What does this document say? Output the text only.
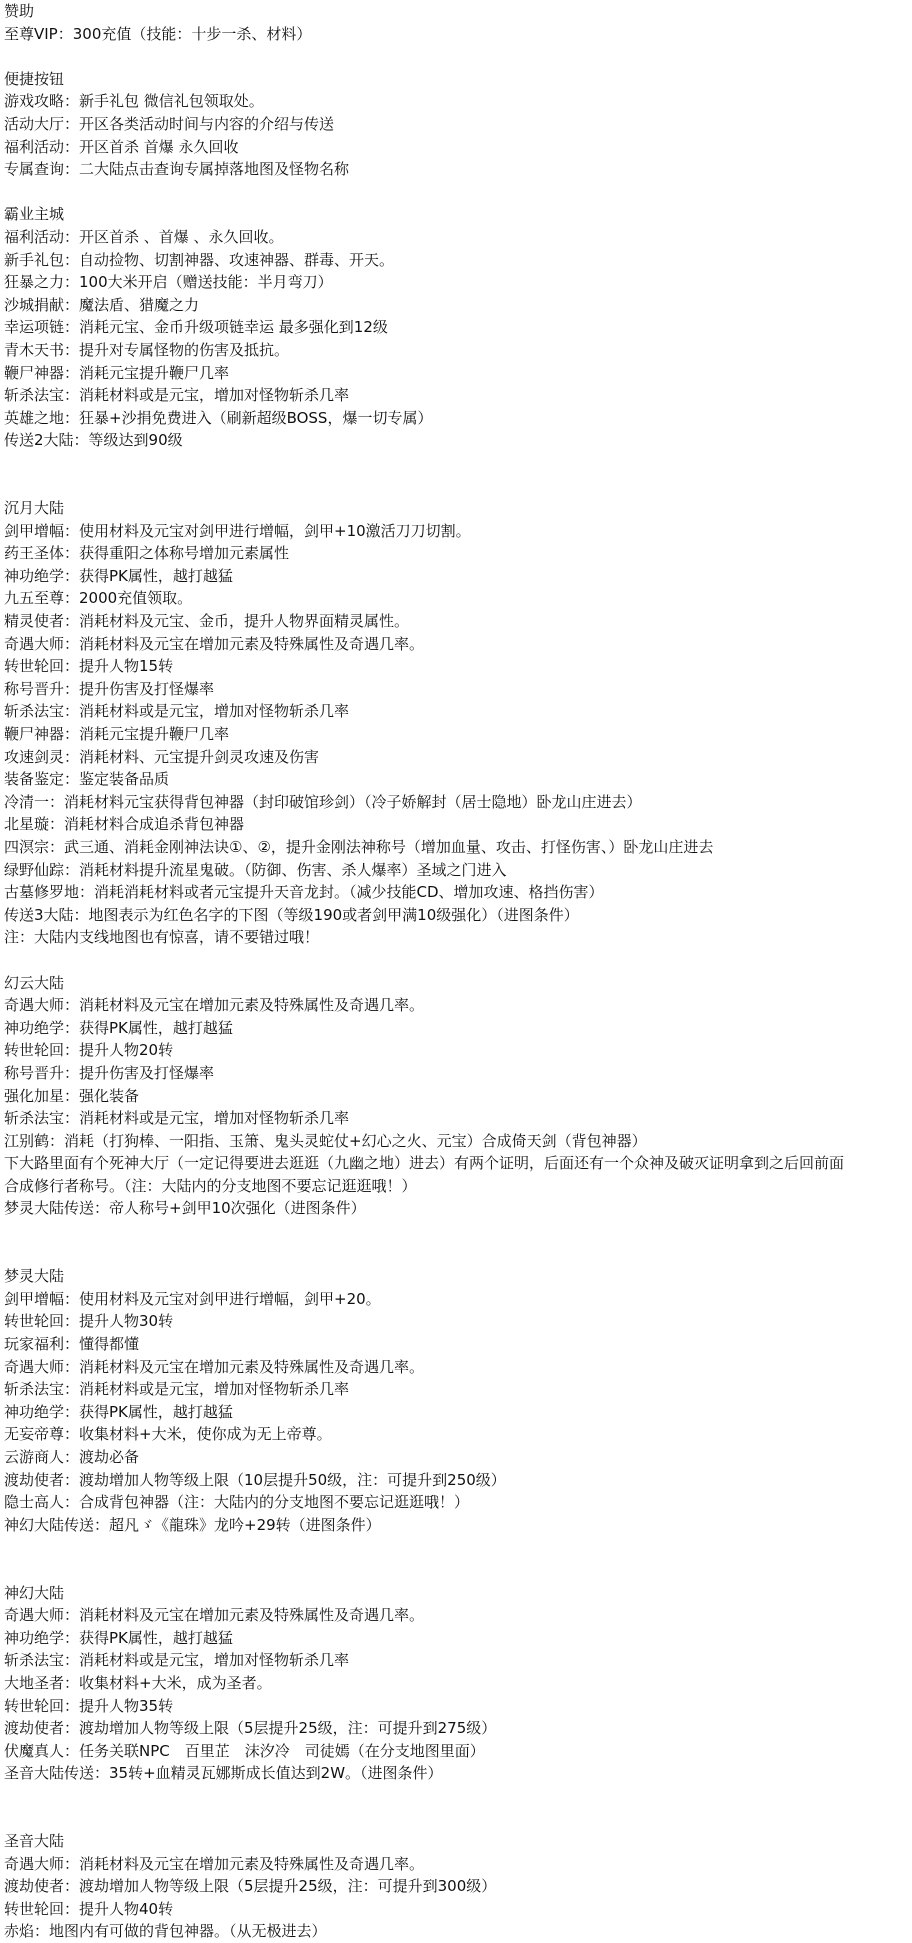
赞助
至尊VIP：300充值（技能：十步一杀、材料）
便捷按钮
游戏攻略：新手礼包 微信礼包领取处。
活动大厅：开区各类活动时间与内容的介绍与传送
福利活动：开区首杀 首爆 永久回收
专属查询：二大陆点击查询专属掉落地图及怪物名称
霸业主城
福利活动：开区首杀 、首爆 、永久回收。
新手礼包：自动捡物、切割神器、攻速神器、群毒、开天。
狂暴之力：100大米开启（赠送技能：半月弯刀）
沙城捐献：魔法盾、猎魔之力
幸运项链：消耗元宝、金币升级项链幸运 最多强化到12级
青木天书：提升对专属怪物的伤害及抵抗。
鞭尸神器：消耗元宝提升鞭尸几率
斩杀法宝：消耗材料或是元宝，增加对怪物斩杀几率
英雄之地：狂暴+沙捐免费进入（刷新超级BOSS，爆一切专属）
传送2大陆：等级达到90级
沉月大陆
剑甲增幅：使用材料及元宝对剑甲进行增幅，剑甲+10激活刀刀切割。
药王圣体：获得重阳之体称号增加元素属性
神功绝学：获得PK属性，越打越猛
九五至尊：2000充值领取。
精灵使者：消耗材料及元宝、金币，提升人物界面精灵属性。
奇遇大师：消耗材料及元宝在增加元素及特殊属性及奇遇几率。
转世轮回：提升人物15转
称号晋升：提升伤害及打怪爆率
斩杀法宝：消耗材料或是元宝，增加对怪物斩杀几率
鞭尸神器：消耗元宝提升鞭尸几率
攻速剑灵：消耗材料、元宝提升剑灵攻速及伤害
装备鉴定：鉴定装备品质
冷清一：消耗材料元宝获得背包神器（封印破馆珍剑）（冷子娇解封（居士隐地）卧龙山庄进去）
北星璇：消耗材料合成追杀背包神器
四溟宗：武三通、消耗金刚神法诀①、②，提升金刚法神称号（增加血量、攻击、打怪伤害、）卧龙山庄进去
绿野仙踪：消耗材料提升流星鬼破。（防御、伤害、杀人爆率）圣域之门进入
古墓修罗地：消耗消耗材料或者元宝提升天音龙封。（减少技能CD、增加攻速、格挡伤害）
传送3大陆：地图表示为红色名字的下图（等级190或者剑甲满10级强化）（进图条件）
注：大陆内支线地图也有惊喜，请不要错过哦！
幻云大陆
奇遇大师：消耗材料及元宝在增加元素及特殊属性及奇遇几率。
神功绝学：获得PK属性，越打越猛
转世轮回：提升人物20转
称号晋升：提升伤害及打怪爆率
强化加星：强化装备
斩杀法宝：消耗材料或是元宝，增加对怪物斩杀几率
江别鹤：消耗（打狗棒、一阳指、玉箫、鬼头灵蛇仗+幻心之火、元宝）合成倚天剑（背包神器）
下大路里面有个死神大厅（一定记得要进去逛逛（九幽之地）进去）有两个证明，后面还有一个众神及破灭证明拿到之后回前面
合成修行者称号。（注：大陆内的分支地图不要忘记逛逛哦！）
梦灵大陆传送：帝人称号+剑甲10次强化（进图条件）
梦灵大陆
剑甲增幅：使用材料及元宝对剑甲进行增幅，剑甲+20。
转世轮回：提升人物30转
玩家福利：懂得都懂
奇遇大师：消耗材料及元宝在增加元素及特殊属性及奇遇几率。
斩杀法宝：消耗材料或是元宝，增加对怪物斩杀几率
神功绝学：获得PK属性，越打越猛
无妄帝尊：收集材料+大米，使你成为无上帝尊。
云游商人：渡劫必备
渡劫使者：渡劫增加人物等级上限（10层提升50级，注：可提升到250级）
隐士高人：合成背包神器（注：大陆内的分支地图不要忘记逛逛哦！）
神幻大陆传送：超凡ゞ《龍珠》龙吟+29转（进图条件）
神幻大陆
奇遇大师：消耗材料及元宝在增加元素及特殊属性及奇遇几率。
神功绝学：获得PK属性，越打越猛
斩杀法宝：消耗材料或是元宝，增加对怪物斩杀几率
大地圣者：收集材料+大米，成为圣者。
转世轮回：提升人物35转
渡劫使者：渡劫增加人物等级上限（5层提升25级，注：可提升到275级）
伏魔真人：任务关联NPC　百里芷　沫汐冷　司徒嫣（在分支地图里面）
圣音大陆传送：35转+血精灵瓦娜斯成长值达到2W。（进图条件）
圣音大陆
奇遇大师：消耗材料及元宝在增加元素及特殊属性及奇遇几率。
渡劫使者：渡劫增加人物等级上限（5层提升25级，注：可提升到300级）
转世轮回：提升人物40转
赤焰：地图内有可做的背包神器。（从无极进去）
